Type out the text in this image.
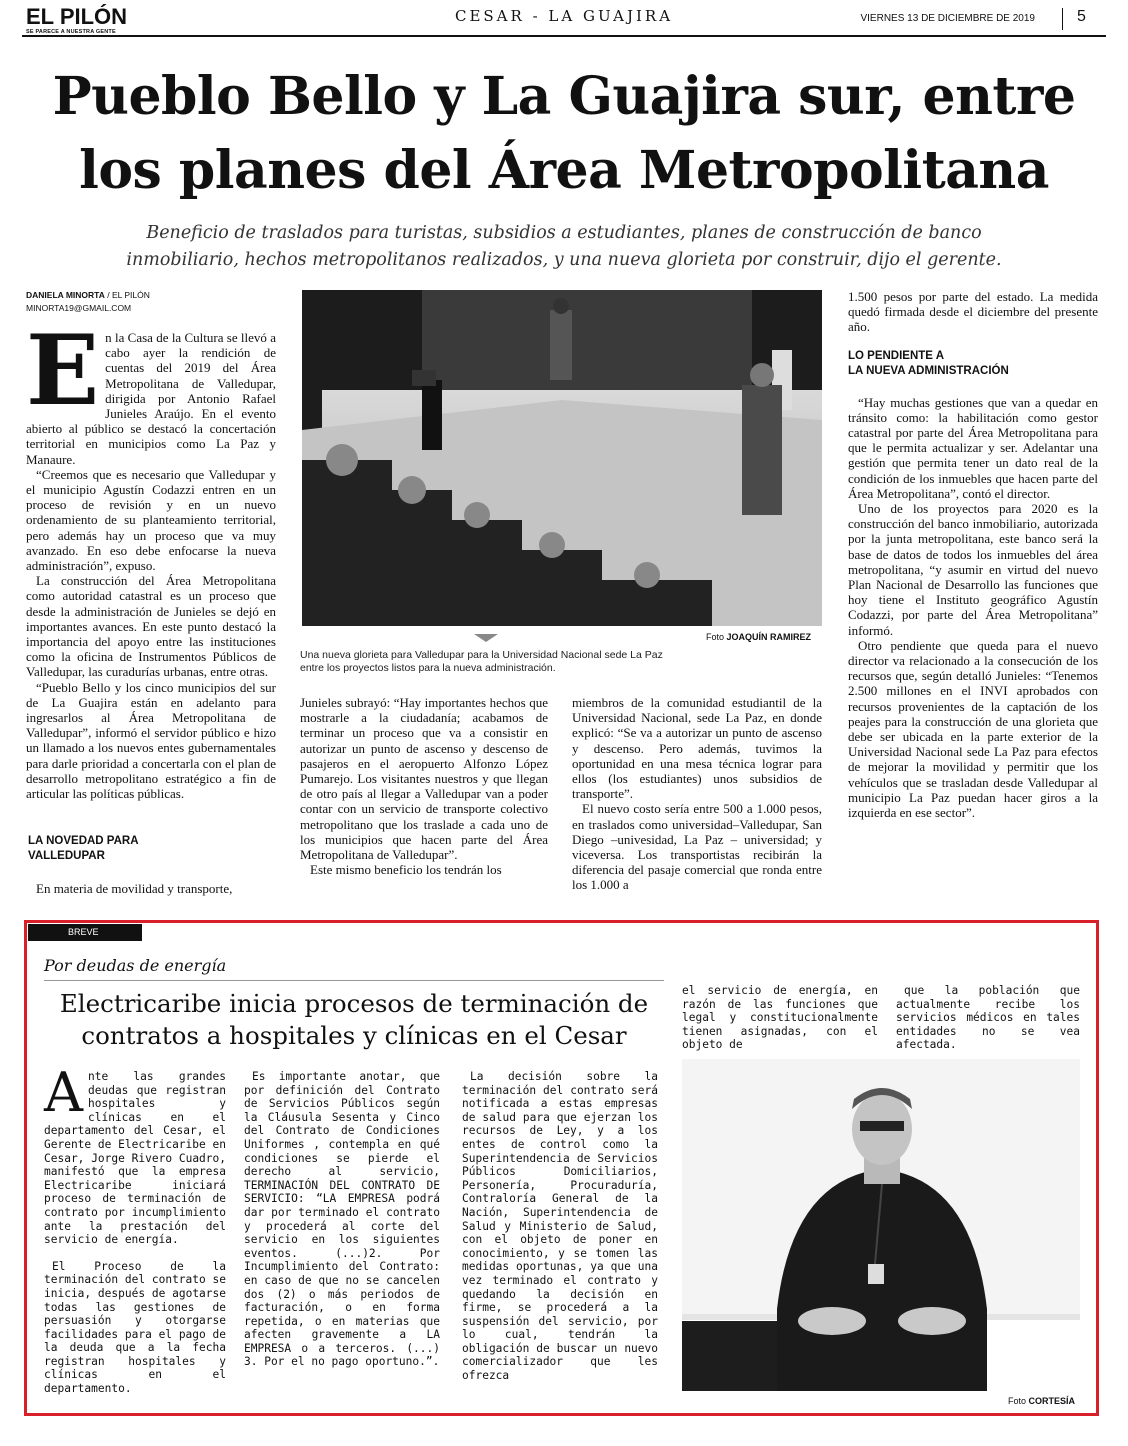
EL PILÓN
SE PARECE A NUESTRA GENTE
CESAR - LA GUAJIRA	VIERNES 13 DE DICIEMBRE DE 2019	5
Pueblo Bello y La Guajira sur, entre
los planes del Área Metropolitana
Beneficio de traslados para turistas, subsidios a estudiantes, planes de construcción de banco
inmobiliario, hechos metropolitanos realizados, y una nueva glorieta por construir, dijo el gerente.
DANIELA MINORTA / EL PILÓN
MINORTA19@GMAIL.COM

En la Casa de la Cultura se llevó a cabo ayer la rendición de cuentas del 2019 del Área Metropolitana de Valledupar, dirigida por Antonio Rafael Junieles Araújo. En el evento abierto al público se destacó la concertación territorial en municipios como La Paz y Manaure.

“Creemos que es necesario que Valledupar y el municipio Agustín Codazzi entren en un proceso de revisión y en un nuevo ordenamiento de su planteamiento territorial, pero además hay un proceso que va muy avanzado. En eso debe enfocarse la nueva administración”, expuso.

La construcción del Área Metropolitana como autoridad catastral es un proceso que desde la administración de Junieles se dejó en importantes avances. En este punto destacó la importancia del apoyo entre las instituciones como la oficina de Instrumentos Públicos de Valledupar, las curadurías urbanas, entre otras.

“Pueblo Bello y los cinco municipios del sur de La Guajira están en adelanto para ingresarlos al Área Metropolitana de Valledupar”, informó el servidor público e hizo un llamado a los nuevos entes gubernamentales para darle prioridad a concertarla con el plan de desarrollo metropolitano estratégico a fin de articular las políticas públicas.

LA NOVEDAD PARA
VALLEDUPAR

En materia de movilidad y transporte,

Foto JOAQUÍN RAMIREZ
Una nueva glorieta para Valledupar para la Universidad Nacional sede La Paz
entre los proyectos listos para la nueva administración.

Junieles subrayó: “Hay importantes hechos que mostrarle a la ciudadanía; acabamos de terminar un proceso que va a consistir en autorizar un punto de ascenso y descenso de pasajeros en el aeropuerto Alfonzo López Pumarejo. Los visitantes nuestros y que llegan de otro país al llegar a Valledupar van a poder contar con un servicio de transporte colectivo metropolitano que los traslade a cada uno de los municipios que hacen parte del Área Metropolitana de Valledupar”.

Este mismo beneficio los tendrán los

miembros de la comunidad estudiantil de la Universidad Nacional, sede La Paz, en donde explicó: “Se va a autorizar un punto de ascenso y descenso. Pero además, tuvimos la oportunidad en una mesa técnica lograr para ellos (los estudiantes) unos subsidios de transporte”.

El nuevo costo sería entre 500 a 1.000 pesos, en traslados como universidad–Valledupar, San Diego –univesidad, La Paz – universidad; y viceversa. Los transportistas recibirán la diferencia del pasaje comercial que ronda entre los 1.000 a

1.500 pesos por parte del estado. La medida quedó firmada desde el diciembre del presente año.

LO PENDIENTE A
LA NUEVA ADMINISTRACIÓN

“Hay muchas gestiones que van a quedar en tránsito como: la habilitación como gestor catastral por parte del Área Metropolitana para que le permita actualizar y ser. Adelantar una gestión que permita tener un dato real de la condición de los inmuebles que hacen parte del Área Metropolitana”, contó el director.

Uno de los proyectos para 2020 es la construcción del banco inmobiliario, autorizada por la junta metropolitana, este banco será la base de datos de todos los inmuebles del área metropolitana, “y asumir en virtud del nuevo Plan Nacional de Desarrollo las funciones que hoy tiene el Instituto geográfico Agustín Codazzi, por parte del Área Metropolitana” informó.

Otro pendiente que queda para el nuevo director va relacionado a la consecución de los recursos que, según detalló Junieles: “Tenemos 2.500 millones en el INVI aprobados con recursos provenientes de la captación de los peajes para la construcción de una glorieta que debe ser ubicada en la parte exterior de la Universidad Nacional sede La Paz para efectos de mejorar la movilidad y permitir que los vehículos que se trasladan desde Valledupar al municipio La Paz puedan hacer giros a la izquierda en ese sector”.

BREVE
Por deudas de energía
Electricaribe inicia procesos de terminación de
contratos a hospitales y clínicas en el Cesar

Ante las grandes deudas que registran hospitales y clínicas en el departamento del Cesar, el Gerente de Electricaribe en Cesar, Jorge Rivero Cuadro, manifestó que la empresa Electricaribe iniciará proceso de terminación de contrato por incumplimiento ante la prestación del servicio de energía.

El Proceso de la terminación del contrato se inicia, después de agotarse todas las gestiones de persuasión y otorgarse facilidades para el pago de la deuda que a la fecha registran hospitales y clínicas en el departamento.

Es importante anotar, que por definición del Contrato de Servicios Públicos según la Cláusula Sesenta y Cinco del Contrato de Condiciones Uniformes , contempla en qué condiciones se pierde el derecho al servicio, TERMINACIÓN DEL CONTRATO DE SERVICIO: “LA EMPRESA podrá dar por terminado el contrato y procederá al corte del servicio en los siguientes eventos. (...)2. Por Incumplimiento del Contrato: en caso de que no se cancelen dos (2) o más periodos de facturación, o en forma repetida, o en materias que afecten gravemente a LA EMPRESA o a terceros. (...) 3. Por el no pago oportuno.”.

La decisión sobre la terminación del contrato será notificada a estas empresas de salud para que ejerzan los recursos de Ley, y a los entes de control como la Superintendencia de Servicios Públicos Domiciliarios, Personería, Procuraduría, Contraloría General de la Nación, Superintendencia de Salud y Ministerio de Salud, con el objeto de poner en conocimiento, y se tomen las medidas oportunas, ya que una vez terminado el contrato y quedando la decisión en firme, se procederá a la suspensión del servicio, por lo cual, tendrán la obligación de buscar un nuevo comercializador que les ofrezca

el servicio de energía, en razón de las funciones que legal y constitucionalmente tienen asignadas, con el objeto de

que la población que actualmente recibe los servicios médicos en tales entidades no se vea afectada.

Foto CORTESÍA
